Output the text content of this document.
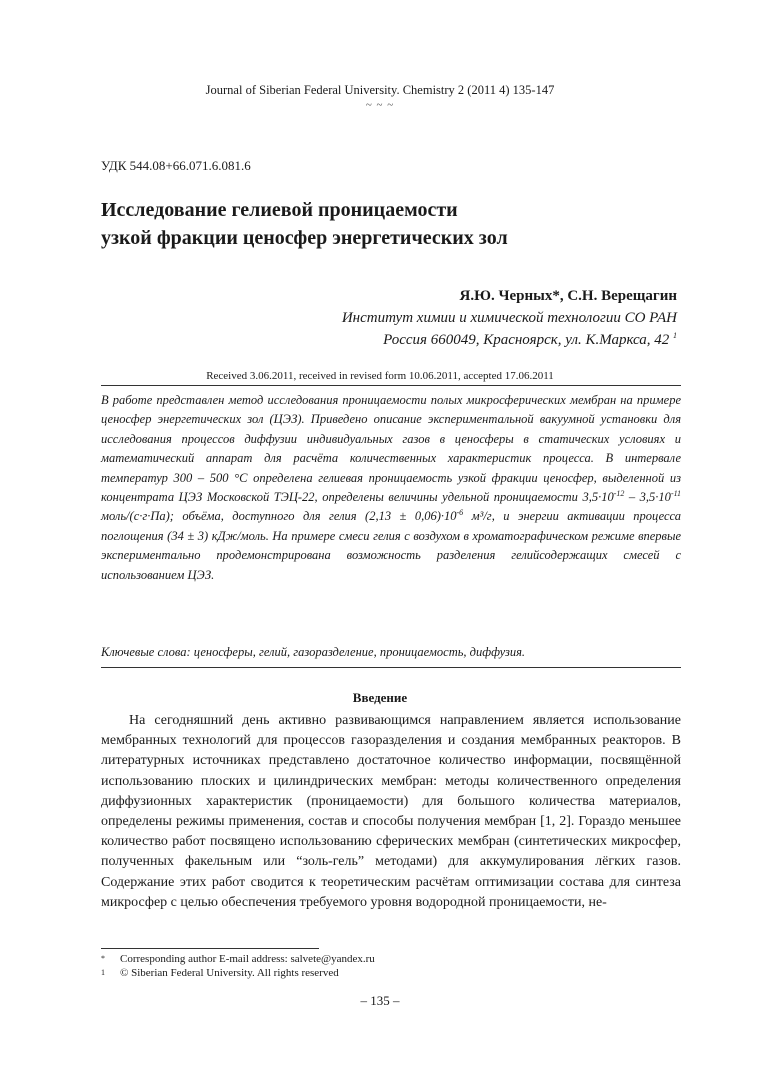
Journal of Siberian Federal University. Chemistry 2 (2011 4) 135-147
~ ~ ~
УДК 544.08+66.071.6.081.6
Исследование гелиевой проницаемости
узкой фракции ценосфер энергетических зол
Я.Ю. Черных*, С.Н. Верещагин
Институт химии и химической технологии СО РАН
Россия 660049, Красноярск, ул. К.Маркса, 42 $^1$
Received 3.06.2011, received in revised form 10.06.2011, accepted 17.06.2011

В работе представлен метод исследования проницаемости полых микросферических мембран на примере ценосфер энергетических зол (ЦЭЗ). Приведено описание экспериментальной вакуумной установки для исследования процессов диффузии индивидуальных газов в ценосферы в статических условиях и математический аппарат для расчёта количественных характеристик процесса. В интервале температур 300 – 500 °С определена гелиевая проницаемость узкой фракции ценосфер, выделенной из концентрата ЦЭЗ Московской ТЭЦ-22, определены величины удельной проницаемости $3,5\cdot 10^{-12} - 3,5\cdot 10^{-11}$ моль/(с·г·Па); объёма, доступного для гелия $(2,13 \pm 0,06)\cdot 10^{-6}$ м³/г, и энергии активации процесса поглощения (34 ± 3) кДж/моль. На примере смеси гелия с воздухом в хроматографическом режиме впервые экспериментально продемонстрирована возможность разделения гелийсодержащих смесей с использованием ЦЭЗ.

Ключевые слова: ценосферы, гелий, газоразделение, проницаемость, диффузия.

Введение

На сегодняшний день активно развивающимся направлением является использование мембранных технологий для процессов газоразделения и создания мембранных реакторов. В литературных источниках представлено достаточное количество информации, посвящённой использованию плоских и цилиндрических мембран: методы количественного определения диффузионных характеристик (проницаемости) для большого количества материалов, определены режимы применения, состав и способы получения мембран [1, 2]. Гораздо меньшее количество работ посвящено использованию сферических мембран (синтетических микросфер, полученных факельным или “золь-гель” методами) для аккумулирования лёгких газов. Содержание этих работ сводится к теоретическим расчётам оптимизации состава для синтеза микросфер с целью обеспечения требуемого уровня водородной проницаемости, не-

* Corresponding author E-mail address: salvete@yandex.ru
1 © Siberian Federal University. All rights reserved
– 135 –
